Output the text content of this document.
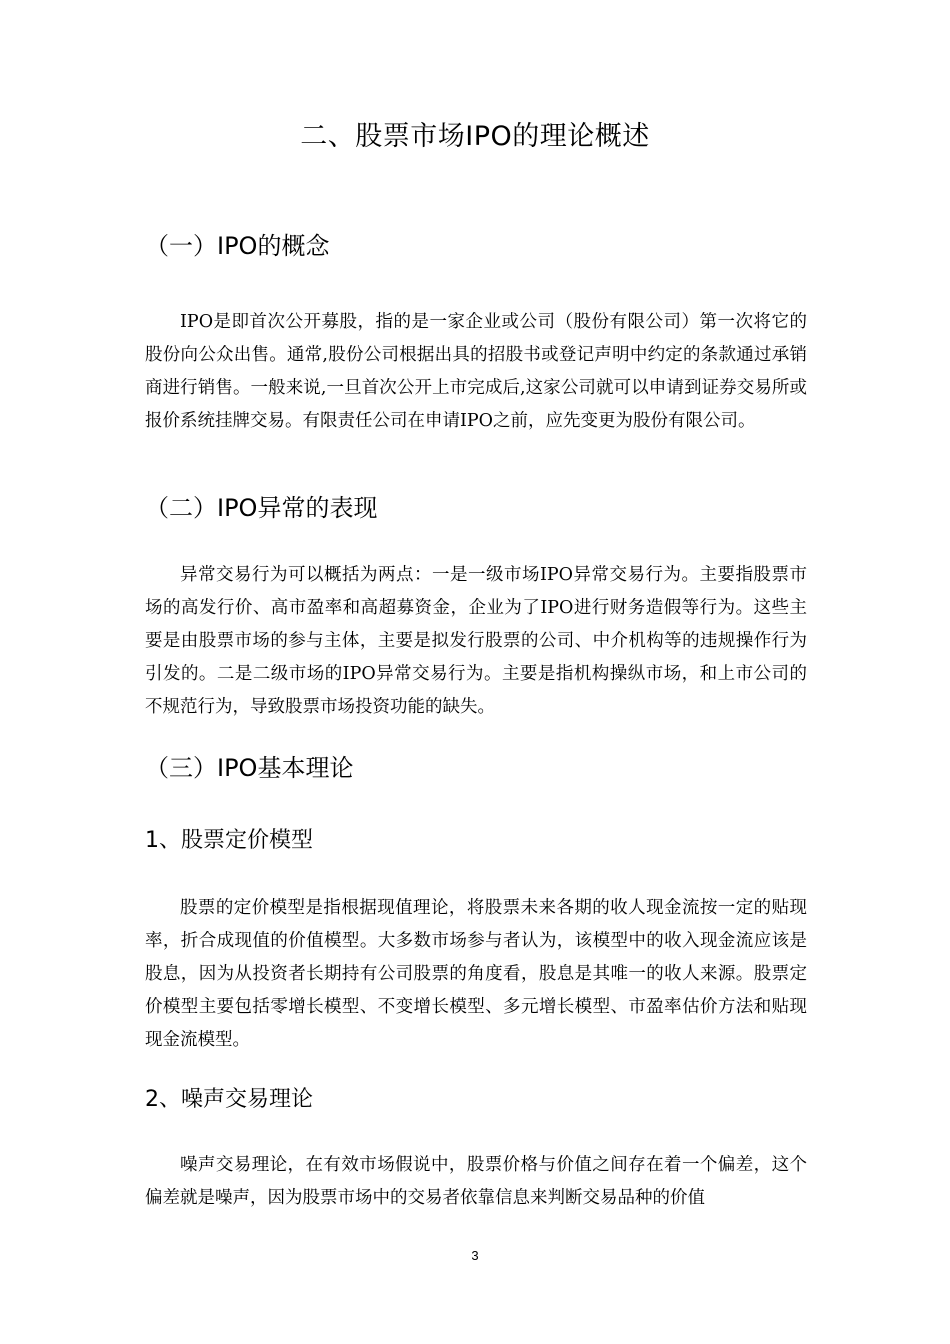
二、股票市场IPO的理论概述
（一）IPO的概念

IPO是即首次公开募股，指的是一家企业或公司（股份有限公司）第一次将它的股份向公众出售。通常,股份公司根据出具的招股书或登记声明中约定的条款通过承销商进行销售。一般来说,一旦首次公开上市完成后,这家公司就可以申请到证券交易所或报价系统挂牌交易。有限责任公司在申请IPO之前，应先变更为股份有限公司。

（二）IPO异常的表现

异常交易行为可以概括为两点：一是一级市场IPO异常交易行为。主要指股票市场的高发行价、高市盈率和高超募资金，企业为了IPO进行财务造假等行为。这些主要是由股票市场的参与主体，主要是拟发行股票的公司、中介机构等的违规操作行为引发的。二是二级市场的IPO异常交易行为。主要是指机构操纵市场，和上市公司的不规范行为，导致股票市场投资功能的缺失。

（三）IPO基本理论
1、股票定价模型

股票的定价模型是指根据现值理论，将股票未来各期的收人现金流按一定的贴现率，折合成现值的价值模型。大多数市场参与者认为，该模型中的收入现金流应该是股息，因为从投资者长期持有公司股票的角度看，股息是其唯一的收人来源。股票定价模型主要包括零增长模型、不变增长模型、多元增长模型、市盈率估价方法和贴现现金流模型。

2、噪声交易理论

噪声交易理论，在有效市场假说中，股票价格与价值之间存在着一个偏差，这个偏差就是噪声，因为股票市场中的交易者依靠信息来判断交易品种的价值

3
